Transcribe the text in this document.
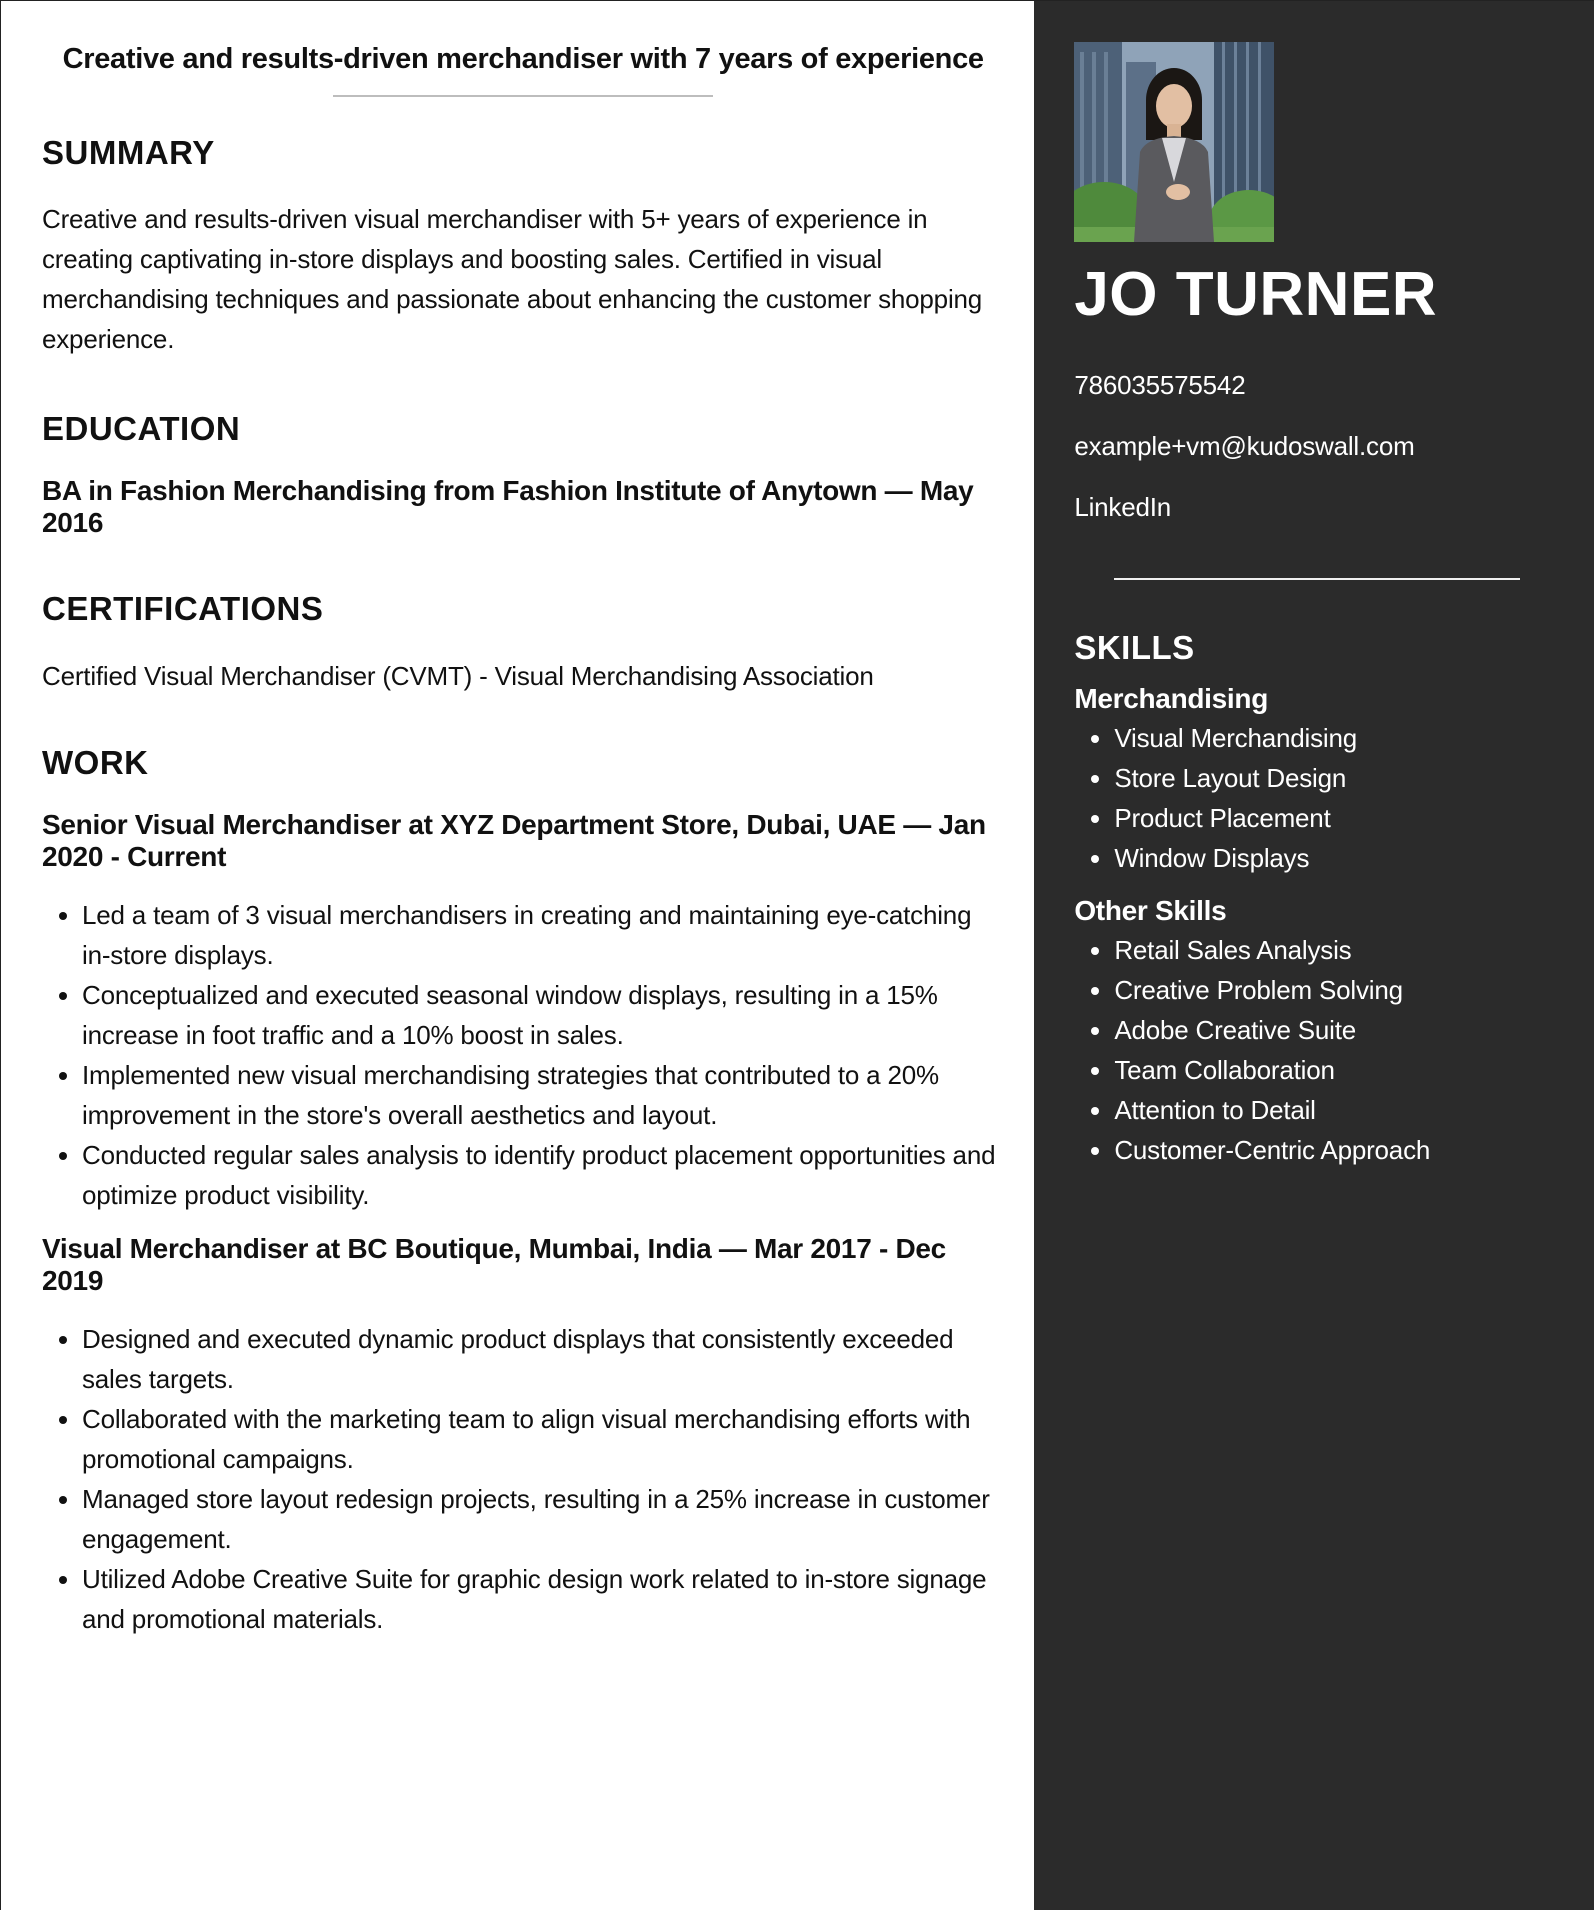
Creative and results-driven merchandiser with 7 years of experience
SUMMARY

Creative and results-driven visual merchandiser with 5+ years of experience in creating captivating in-store displays and boosting sales. Certified in visual merchandising techniques and passionate about enhancing the customer shopping experience.

EDUCATION
BA in Fashion Merchandising from Fashion Institute of Anytown — May 2016
CERTIFICATIONS

Certified Visual Merchandiser (CVMT) - Visual Merchandising Association

WORK
Senior Visual Merchandiser at XYZ Department Store, Dubai, UAE — Jan 2020 - Current
• Led a team of 3 visual merchandisers in creating and maintaining eye-catching in-store displays.
• Conceptualized and executed seasonal window displays, resulting in a 15% increase in foot traffic and a 10% boost in sales.
• Implemented new visual merchandising strategies that contributed to a 20% improvement in the store's overall aesthetics and layout.
• Conducted regular sales analysis to identify product placement opportunities and optimize product visibility.
Visual Merchandiser at BC Boutique, Mumbai, India — Mar 2017 - Dec 2019
• Designed and executed dynamic product displays that consistently exceeded sales targets.
• Collaborated with the marketing team to align visual merchandising efforts with promotional campaigns.
• Managed store layout redesign projects, resulting in a 25% increase in customer engagement.
• Utilized Adobe Creative Suite for graphic design work related to in-store signage and promotional materials.
JO TURNER

786035575542

example+vm@kudoswall.com

LinkedIn

SKILLS
Merchandising
• Visual Merchandising
• Store Layout Design
• Product Placement
• Window Displays
Other Skills
• Retail Sales Analysis
• Creative Problem Solving
• Adobe Creative Suite
• Team Collaboration
• Attention to Detail
• Customer-Centric Approach
